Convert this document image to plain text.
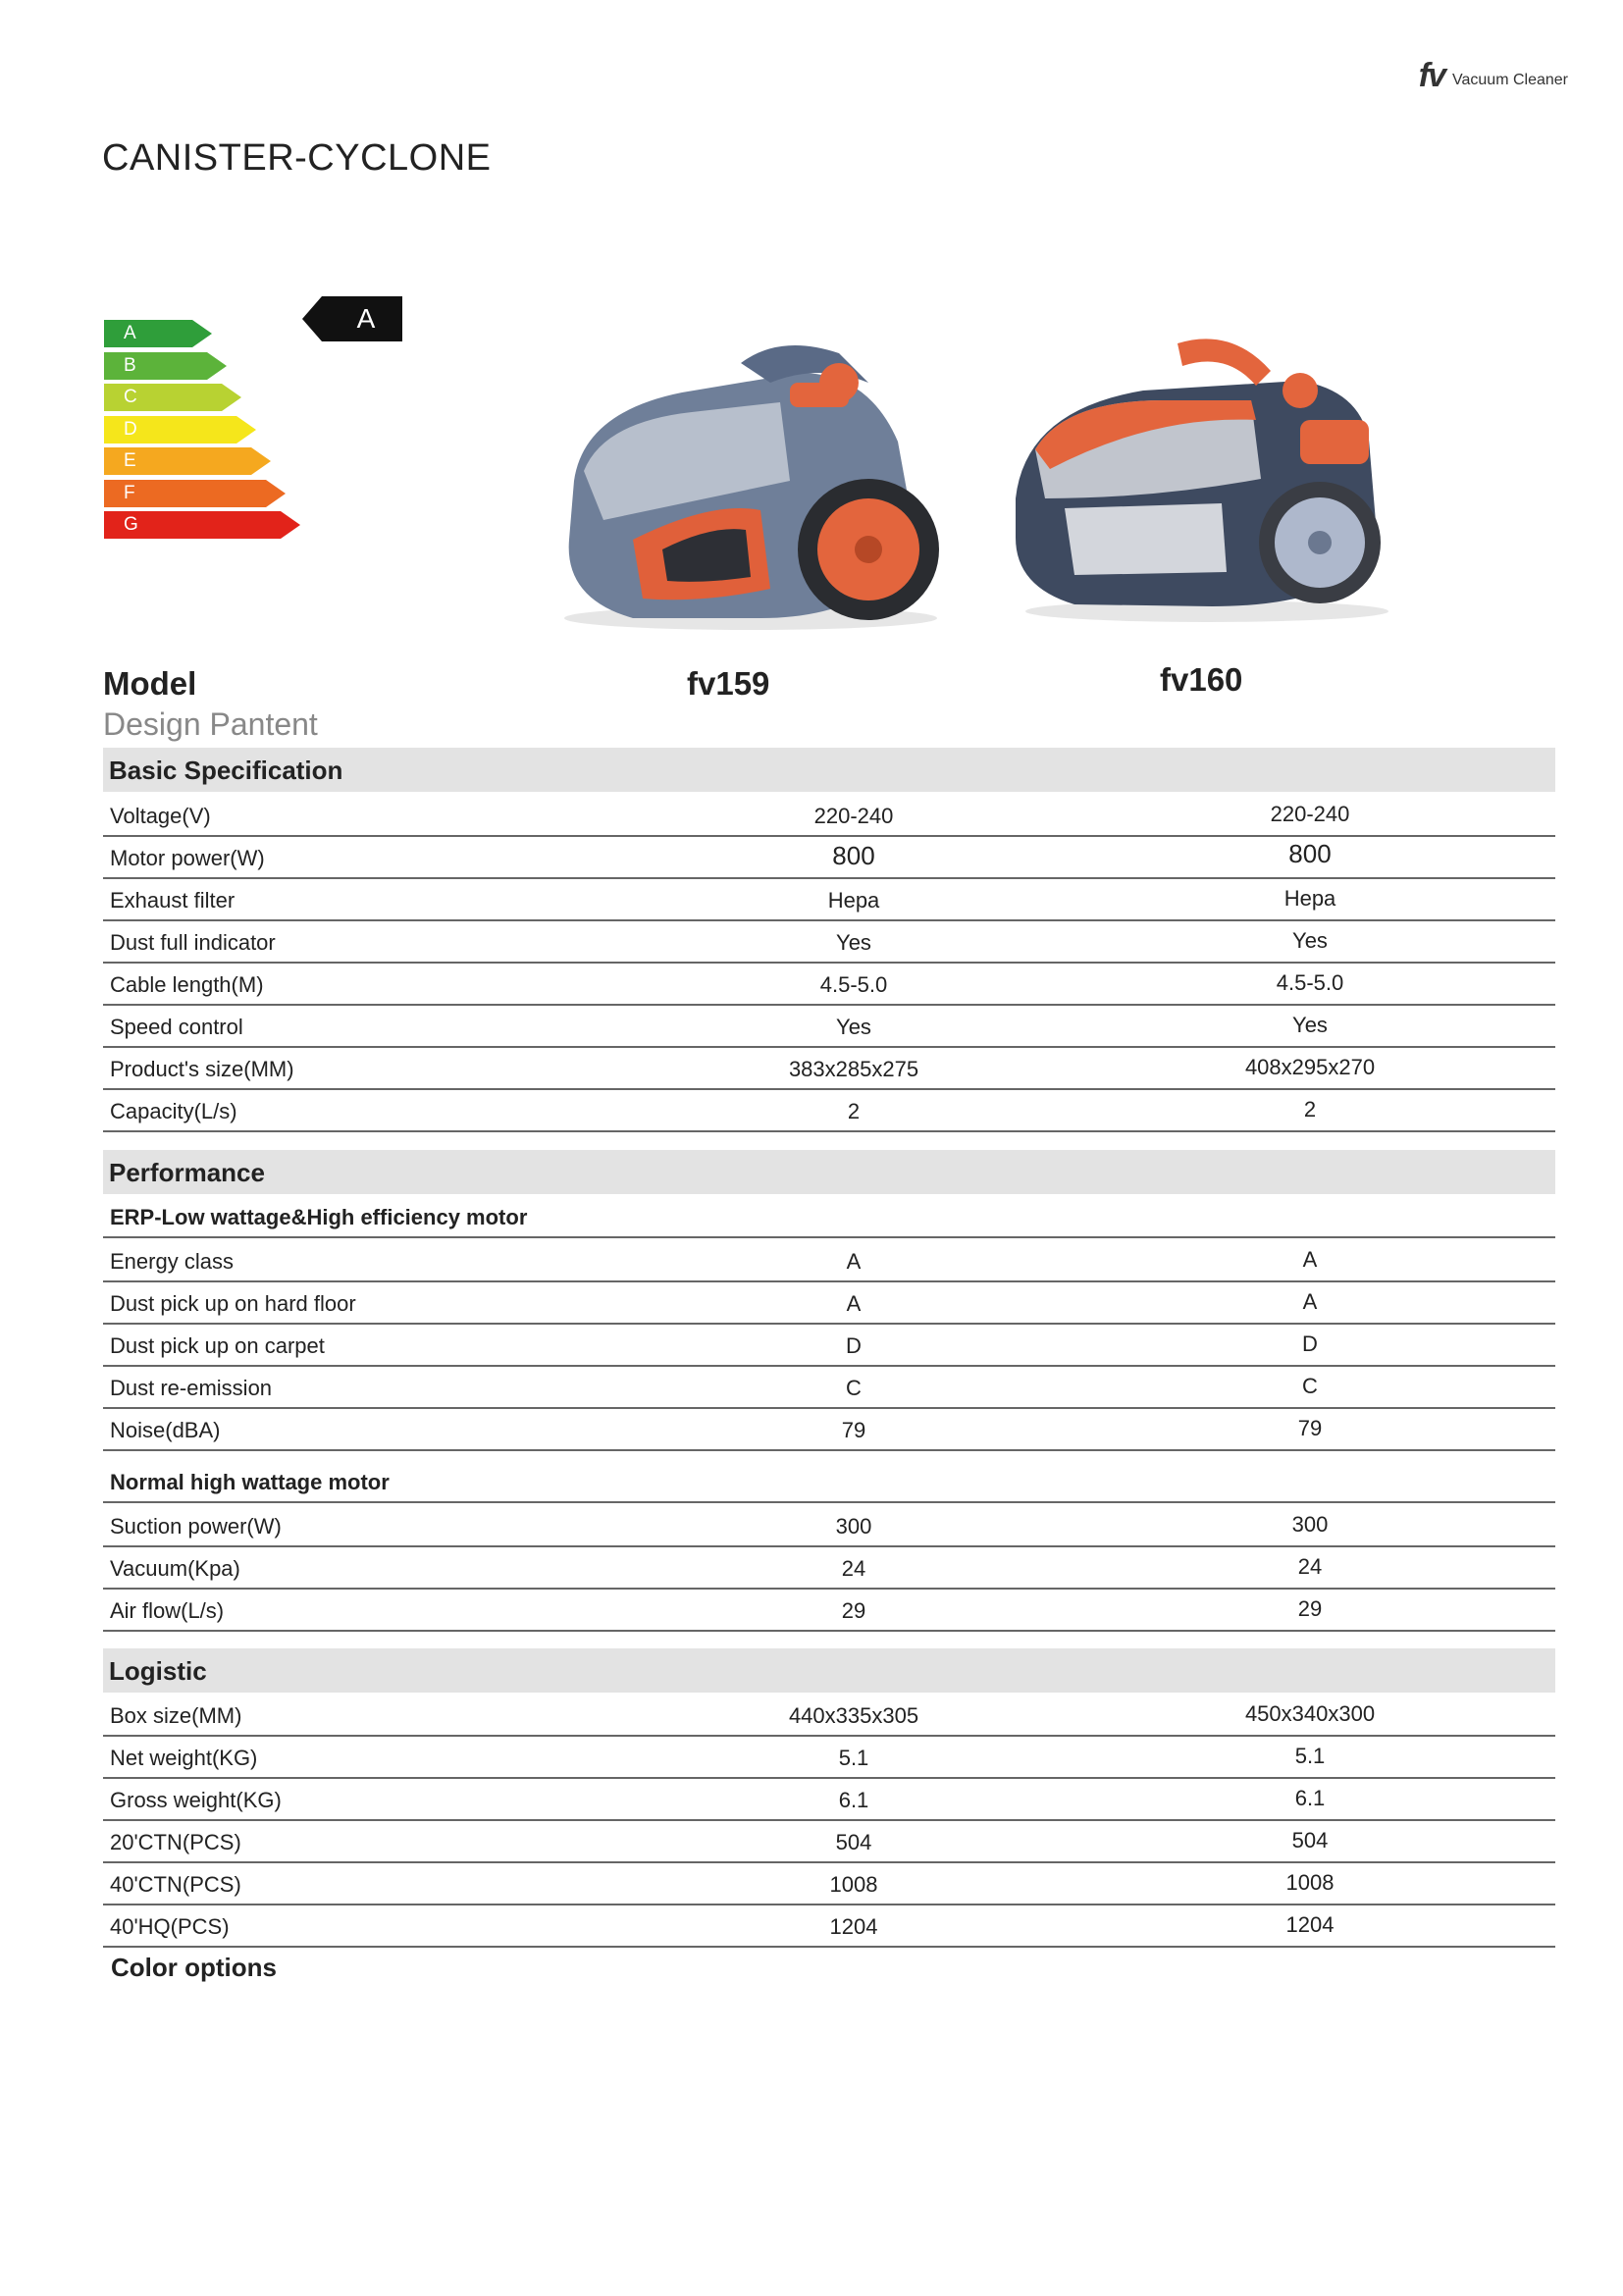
fv Vacuum Cleaner
CANISTER-CYCLONE
A
B
C
D
E
F
G
A
Model
Design Pantent
fv159	fv160
Basic Specification
Voltage(V)	220-240	220-240
Motor power(W)	800	800
Exhaust filter	Hepa	Hepa
Dust full indicator	Yes	Yes
Cable length(M)	4.5-5.0	4.5-5.0
Speed control	Yes	Yes
Product's size(MM)	383x285x275	408x295x270
Capacity(L/s)	2	2
Performance
ERP-Low wattage&High efficiency motor
Energy class	A	A
Dust pick up on hard floor	A	A
Dust pick up on carpet	D	D
Dust re-emission	C	C
Noise(dBA)	79	79
Normal high wattage motor
Suction power(W)	300	300
Vacuum(Kpa)	24	24
Air flow(L/s)	29	29
Logistic
Box size(MM)	440x335x305	450x340x300
Net weight(KG)	5.1	5.1
Gross weight(KG)	6.1	6.1
20'CTN(PCS)	504	504
40'CTN(PCS)	1008	1008
40'HQ(PCS)	1204	1204
Color options
